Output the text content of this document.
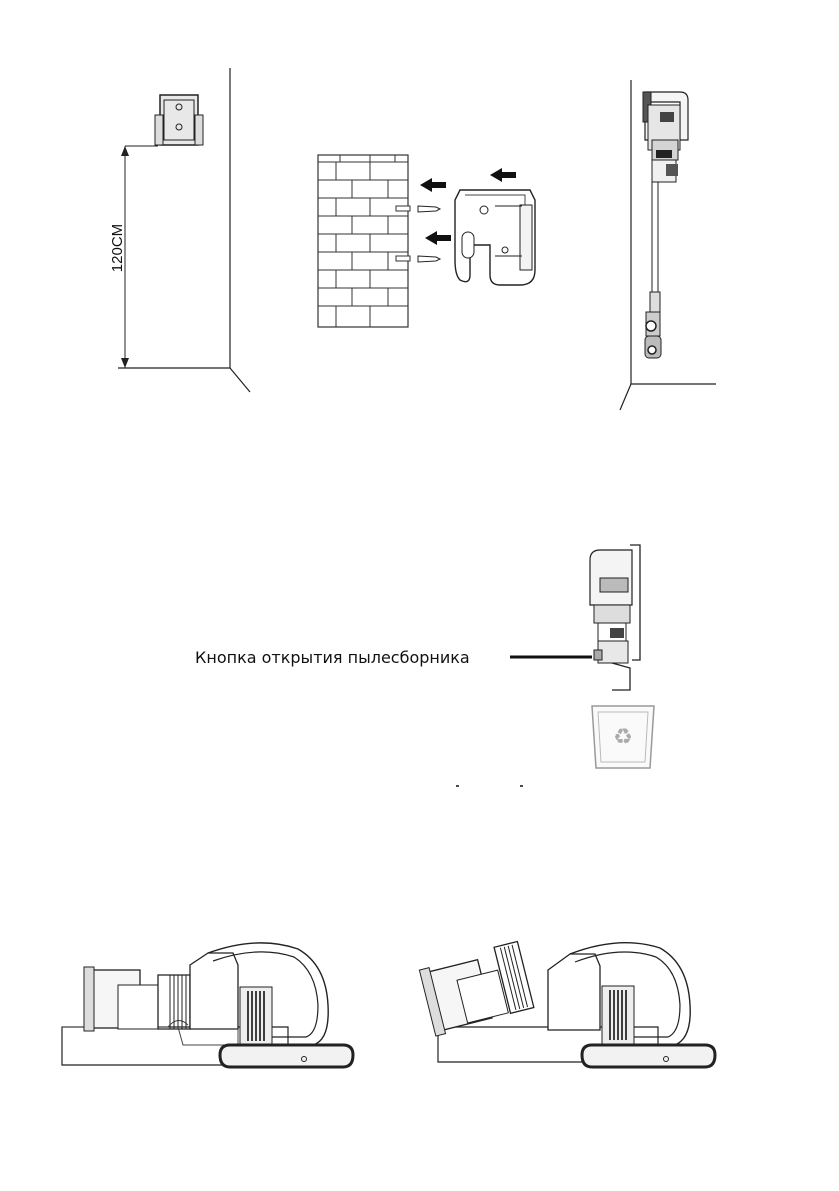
120CM
Кнопка открытия пылесборника
♻
